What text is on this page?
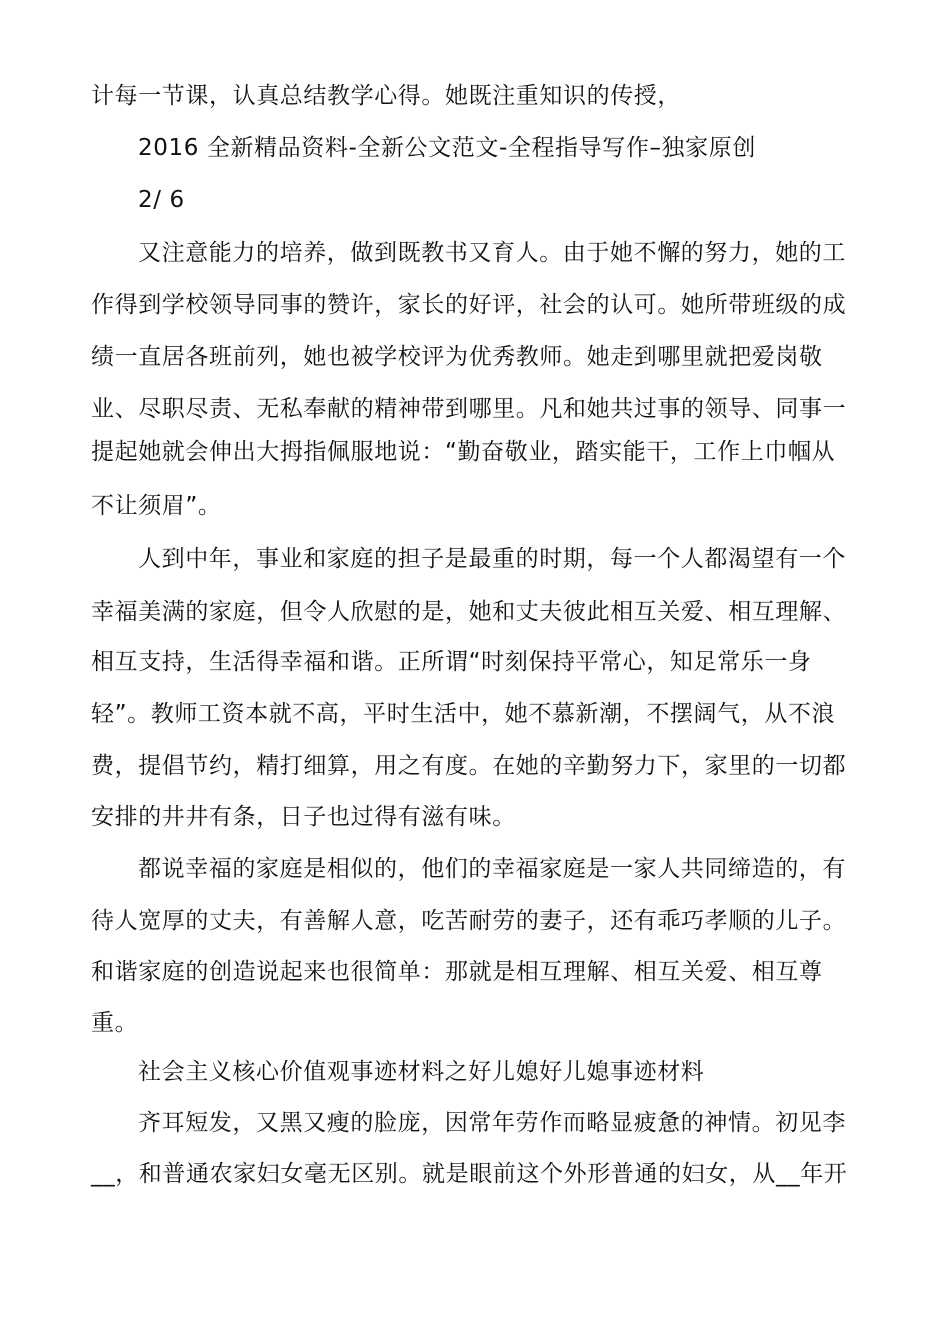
计每一节课，认真总结教学心得。她既注重知识的传授，
2016 全新精品资料-全新公文范文-全程指导写作–独家原创
2/ 6
又注意能力的培养，做到既教书又育人。由于她不懈的努力，她的工
作得到学校领导同事的赞许，家长的好评，社会的认可。她所带班级的成
绩一直居各班前列，她也被学校评为优秀教师。她走到哪里就把爱岗敬
业、尽职尽责、无私奉献的精神带到哪里。凡和她共过事的领导、同事一
提起她就会伸出大拇指佩服地说：“勤奋敬业，踏实能干，工作上巾帼从
不让须眉”。
人到中年，事业和家庭的担子是最重的时期，每一个人都渴望有一个
幸福美满的家庭，但令人欣慰的是，她和丈夫彼此相互关爱、相互理解、
相互支持，生活得幸福和谐。正所谓“时刻保持平常心，知足常乐一身
轻”。教师工资本就不高，平时生活中，她不慕新潮，不摆阔气，从不浪
费，提倡节约，精打细算，用之有度。在她的辛勤努力下，家里的一切都
安排的井井有条，日子也过得有滋有味。
都说幸福的家庭是相似的，他们的幸福家庭是一家人共同缔造的，有
待人宽厚的丈夫，有善解人意，吃苦耐劳的妻子，还有乖巧孝顺的儿子。
和谐家庭的创造说起来也很简单：那就是相互理解、相互关爱、相互尊
重。
社会主义核心价值观事迹材料之好儿媳好儿媳事迹材料
齐耳短发，又黑又瘦的脸庞，因常年劳作而略显疲惫的神情。初见李
__，和普通农家妇女毫无区别。就是眼前这个外形普通的妇女，从__年开
